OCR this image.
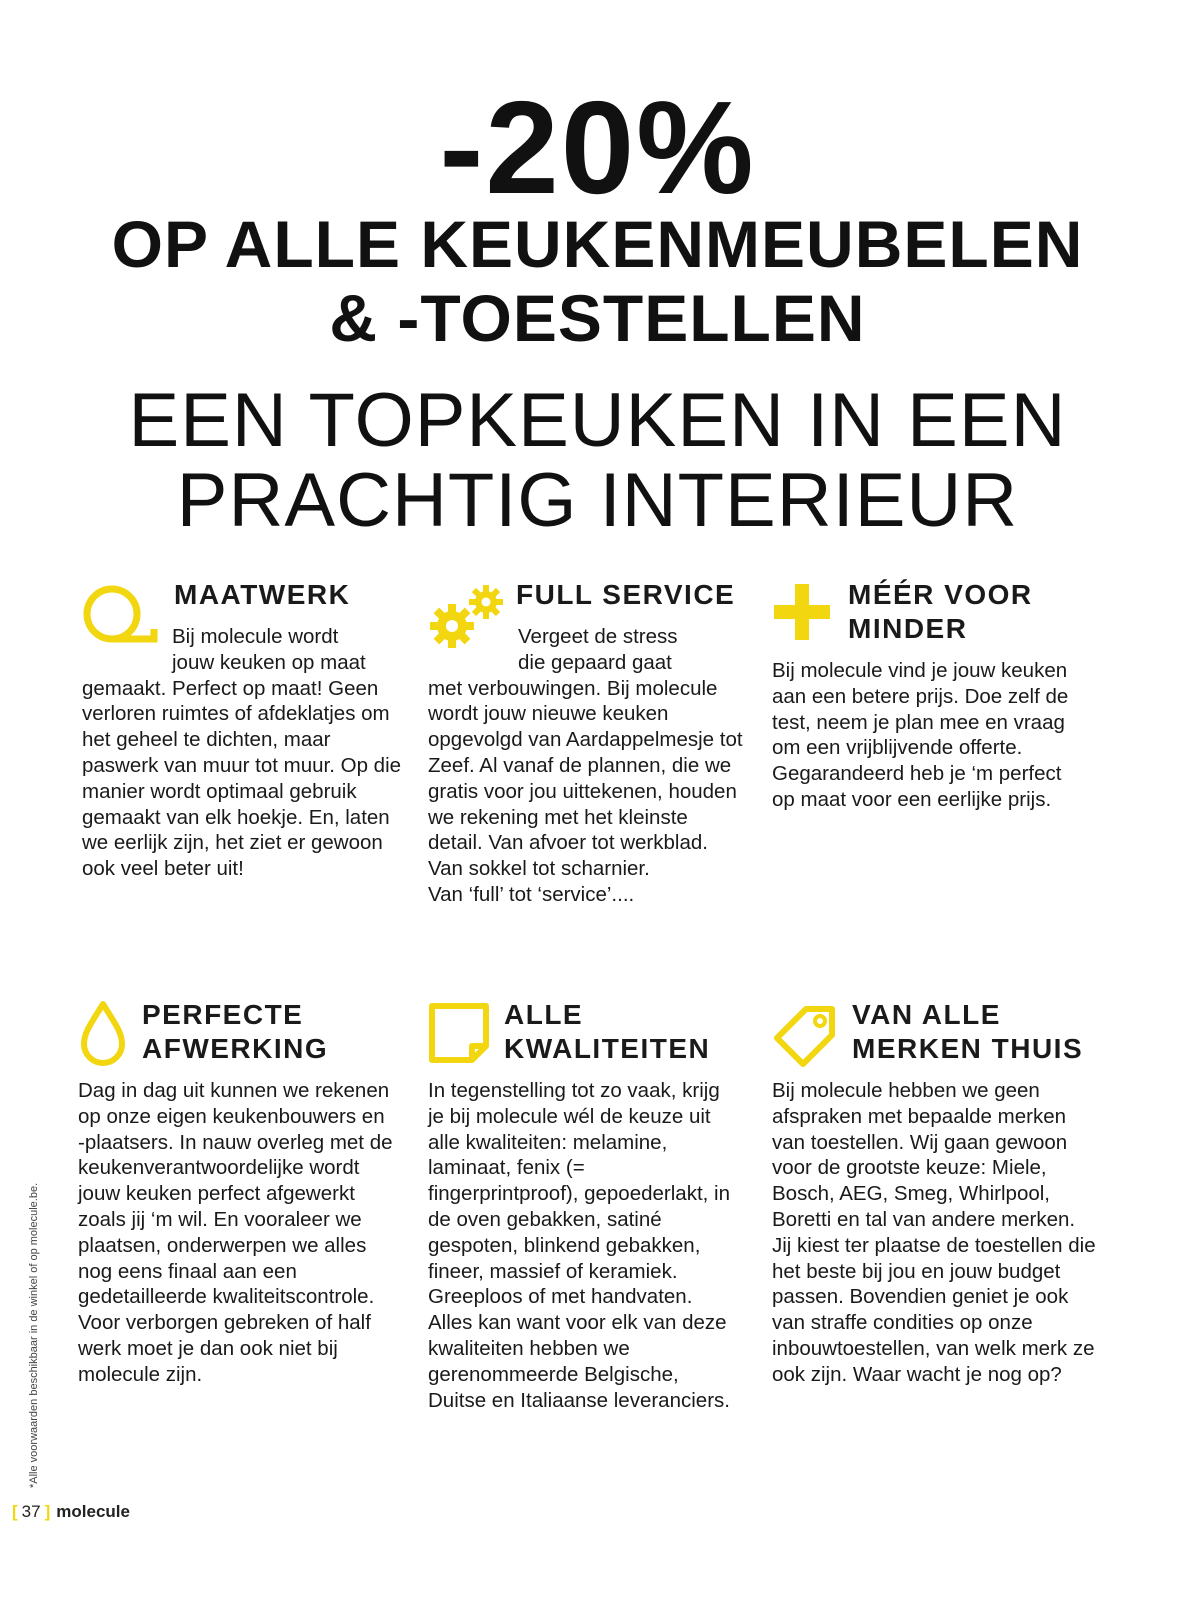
-20%
OP ALLE KEUKENMEUBELEN
& -TOESTELLEN
EEN TOPKEUKEN IN EEN
PRACHTIG INTERIEUR
MAATWERK

Bij molecule wordt
jouw keuken op maat
gemaakt. Perfect op maat! Geen verloren ruimtes of afdeklatjes om het geheel te dichten, maar paswerk van muur tot muur. Op die manier wordt optimaal gebruik gemaakt van elk hoekje. En, laten we eerlijk zijn, het ziet er gewoon ook veel beter uit!

FULL SERVICE

Vergeet de stress
die gepaard gaat
met verbouwingen. Bij molecule wordt jouw nieuwe keuken opgevolgd van Aardappelmesje tot Zeef. Al vanaf de plannen, die we gratis voor jou uittekenen, houden we rekening met het kleinste detail. Van afvoer tot werkblad. Van sokkel tot scharnier.
Van ‘full’ tot ‘service’....

MÉÉR VOOR
MINDER

Bij molecule vind je jouw keuken aan een betere prijs. Doe zelf de test, neem je plan mee en vraag om een vrijblijvende offerte. Gegarandeerd heb je ‘m perfect op maat voor een eerlijke prijs.

PERFECTE
AFWERKING

Dag in dag uit kunnen we rekenen op onze eigen keukenbouwers en -plaatsers. In nauw overleg met de keukenverantwoordelijke wordt jouw keuken perfect afgewerkt zoals jij ‘m wil. En vooraleer we plaatsen, onderwerpen we alles nog eens finaal aan een gedetailleerde kwaliteitscontrole. Voor verborgen gebreken of half werk moet je dan ook niet bij molecule zijn.

ALLE
KWALITEITEN

In tegenstelling tot zo vaak, krijg je bij molecule wél de keuze uit alle kwaliteiten: melamine, laminaat, fenix (= fingerprintproof), gepoederlakt, in de oven gebakken, satiné gespoten, blinkend gebakken, fineer, massief of keramiek. Greeploos of met handvaten. Alles kan want voor elk van deze kwaliteiten hebben we gerenommeerde Belgische, Duitse en Italiaanse leveranciers.

VAN ALLE
MERKEN THUIS

Bij molecule hebben we geen afspraken met bepaalde merken van toestellen. Wij gaan gewoon voor de grootste keuze: Miele, Bosch, AEG, Smeg, Whirlpool, Boretti en tal van andere merken. Jij kiest ter plaatse de toestellen die het beste bij jou en jouw budget passen. Bovendien geniet je ook van straffe condities op onze inbouwtoestellen, van welk merk ze ook zijn. Waar wacht je nog op?

*Alle voorwaarden beschikbaar in de winkel of op molecule.be.
[ 37 ] molecule
